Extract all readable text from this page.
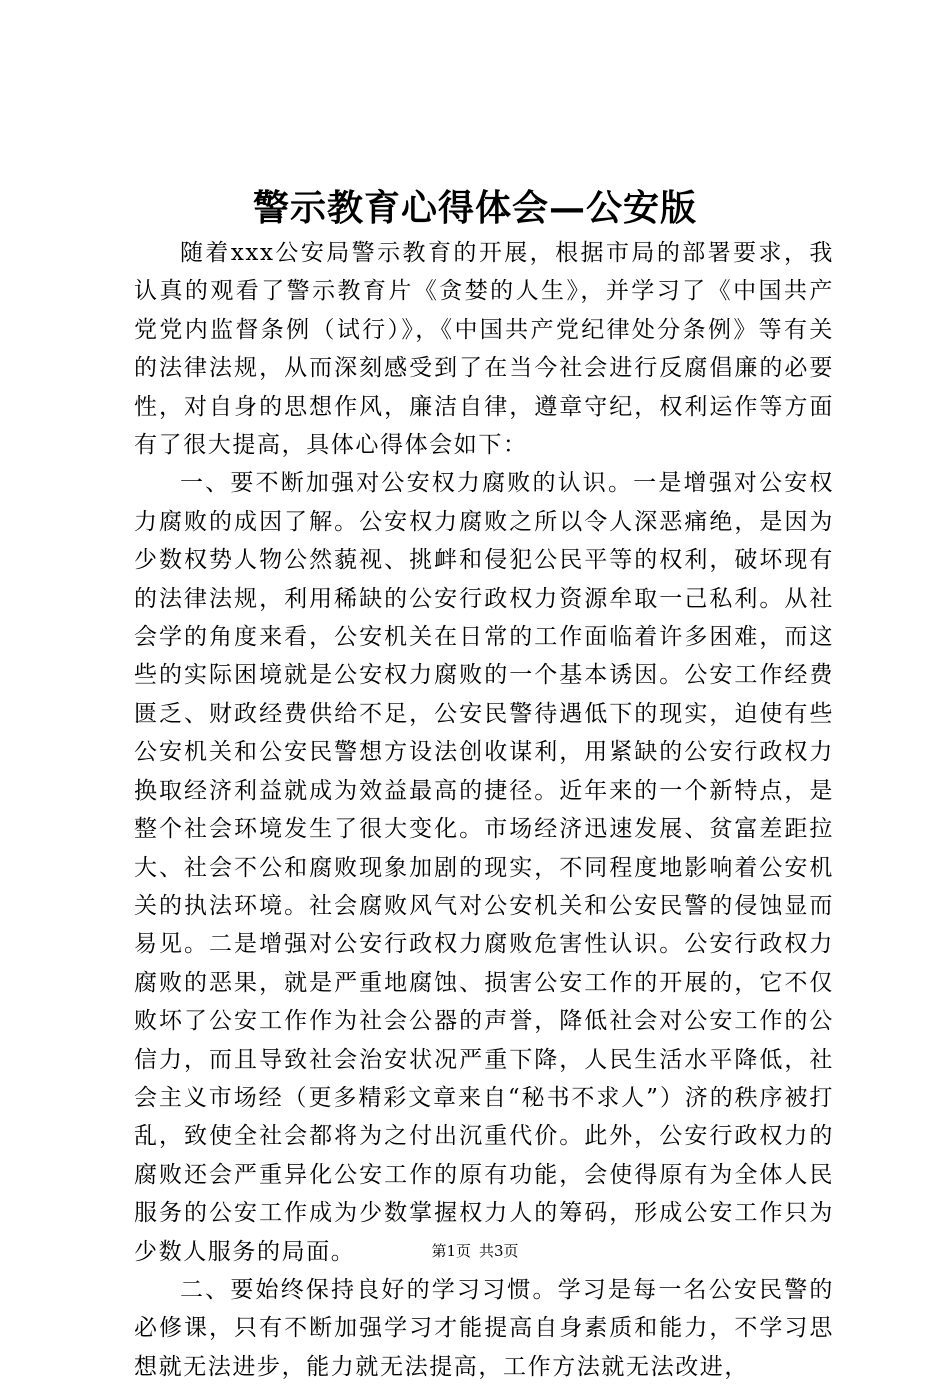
警示教育心得体会—公安版

随着xxx公安局警示教育的开展，根据市局的部署要求，我认真的观看了警示教育片《贪婪的人生》，并学习了《中国共产党党内监督条例（试行）》，《中国共产党纪律处分条例》等有关的法律法规，从而深刻感受到了在当今社会进行反腐倡廉的必要性，对自身的思想作风，廉洁自律，遵章守纪，权利运作等方面有了很大提高，具体心得体会如下：

一、要不断加强对公安权力腐败的认识。一是增强对公安权力腐败的成因了解。公安权力腐败之所以令人深恶痛绝，是因为少数权势人物公然藐视、挑衅和侵犯公民平等的权利，破坏现有的法律法规，利用稀缺的公安行政权力资源牟取一己私利。从社会学的角度来看，公安机关在日常的工作面临着许多困难，而这些的实际困境就是公安权力腐败的一个基本诱因。公安工作经费匮乏、财政经费供给不足，公安民警待遇低下的现实，迫使有些公安机关和公安民警想方设法创收谋利，用紧缺的公安行政权力换取经济利益就成为效益最高的捷径。近年来的一个新特点，是整个社会环境发生了很大变化。市场经济迅速发展、贫富差距拉大、社会不公和腐败现象加剧的现实，不同程度地影响着公安机关的执法环境。社会腐败风气对公安机关和公安民警的侵蚀显而易见。二是增强对公安行政权力腐败危害性认识。公安行政权力腐败的恶果，就是严重地腐蚀、损害公安工作的开展的，它不仅败坏了公安工作作为社会公器的声誉，降低社会对公安工作的公信力，而且导致社会治安状况严重下降，人民生活水平降低，社会主义市场经（更多精彩文章来自“秘书不求人”）济的秩序被打乱，致使全社会都将为之付出沉重代价。此外，公安行政权力的腐败还会严重异化公安工作的原有功能，会使得原有为全体人民服务的公安工作成为少数掌握权力人的筹码，形成公安工作只为少数人服务的局面。

二、要始终保持良好的学习习惯。学习是每一名公安民警的必修课，只有不断加强学习才能提高自身素质和能力，不学习思想就无法进步，能力就无法提高，工作方法就无法改进，

第1页 共3页
